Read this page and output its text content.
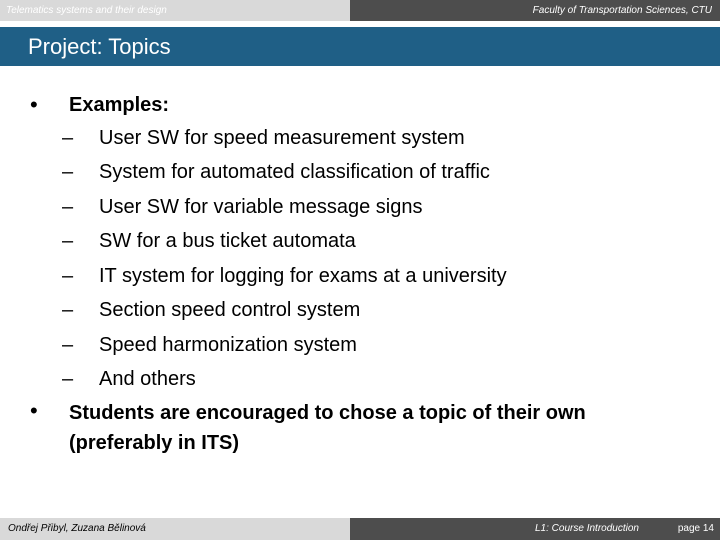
Telematics systems and their design	Faculty of Transportation Sciences, CTU
Project: Topics
• Examples:
– User SW for speed measurement system
– System for automated classification of traffic
– User SW for variable message signs
– SW for a bus ticket automata
– IT system for logging for exams at a university
– Section speed control system
– Speed harmonization system
– And others
• Students are encouraged to chose a topic of their own
(preferably in ITS)
Ondřej Přibyl, Zuzana Bělinová	L1: Course Introduction	page 14
